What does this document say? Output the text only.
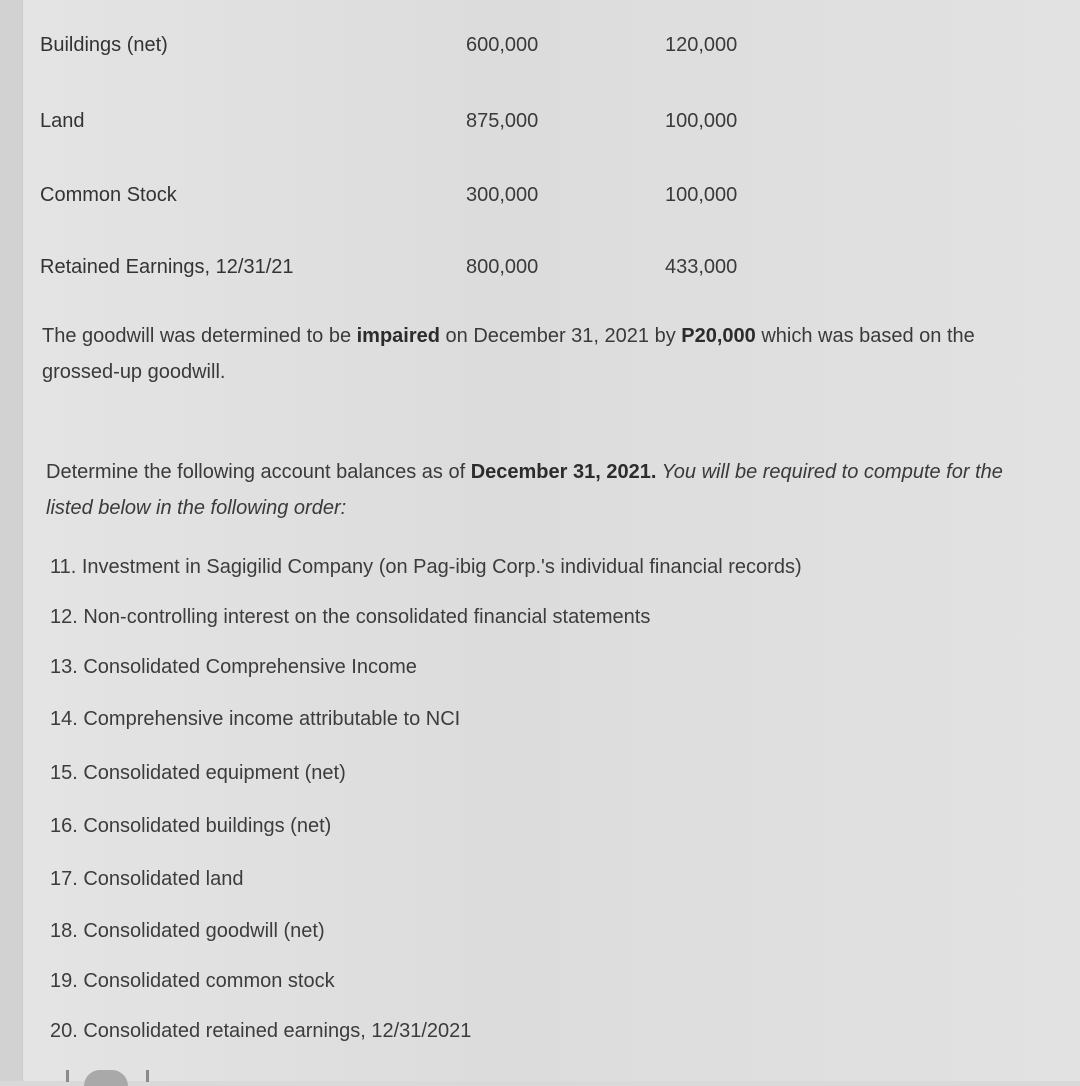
Buildings (net)	600,000	120,000
Land	875,000	100,000
Common Stock	300,000	100,000
Retained Earnings, 12/31/21	800,000	433,000
The goodwill was determined to be impaired on December 31, 2021 by P20,000 which was based on the grossed-up goodwill.
Determine the following account balances as of December 31, 2021. You will be required to compute for the listed below in the following order:
11. Investment in Sagigilid Company (on Pag-ibig Corp.'s individual financial records)
12. Non-controlling interest on the consolidated financial statements
13. Consolidated Comprehensive Income
14. Comprehensive income attributable to NCI
15. Consolidated equipment (net)
16. Consolidated buildings (net)
17. Consolidated land
18. Consolidated goodwill (net)
19. Consolidated common stock
20. Consolidated retained earnings, 12/31/2021
